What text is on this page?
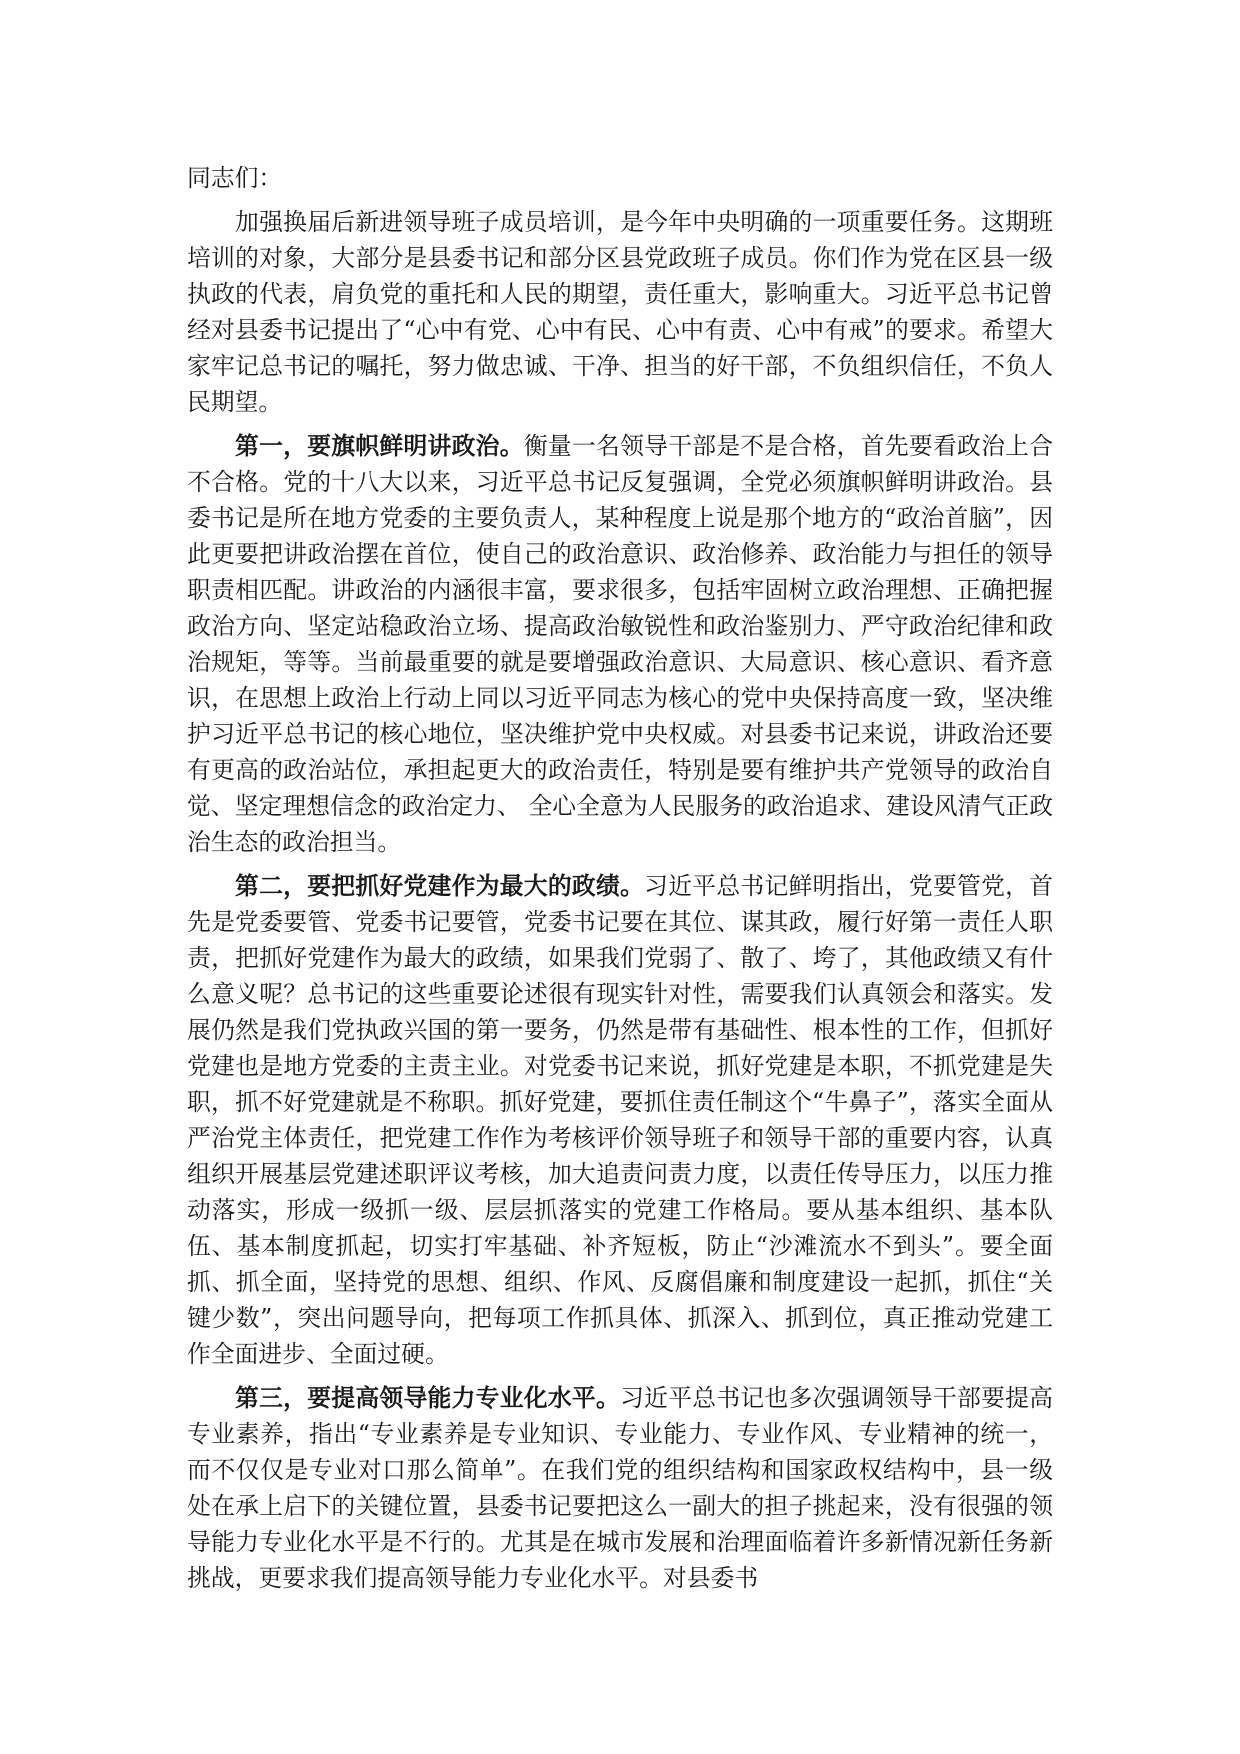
同志们：

加强换届后新进领导班子成员培训，是今年中央明确的一项重要任务。这期班培训的对象，大部分是县委书记和部分区县党政班子成员。你们作为党在区县一级执政的代表，肩负党的重托和人民的期望，责任重大，影响重大。习近平总书记曾经对县委书记提出了“心中有党、心中有民、心中有责、心中有戒”的要求。希望大家牢记总书记的嘱托，努力做忠诚、干净、担当的好干部，不负组织信任，不负人民期望。

第一，要旗帜鲜明讲政治。衡量一名领导干部是不是合格，首先要看政治上合不合格。党的十八大以来，习近平总书记反复强调，全党必须旗帜鲜明讲政治。县委书记是所在地方党委的主要负责人，某种程度上说是那个地方的“政治首脑”，因此更要把讲政治摆在首位，使自己的政治意识、政治修养、政治能力与担任的领导职责相匹配。讲政治的内涵很丰富，要求很多，包括牢固树立政治理想、正确把握政治方向、坚定站稳政治立场、提高政治敏锐性和政治鉴别力、严守政治纪律和政治规矩，等等。当前最重要的就是要增强政治意识、大局意识、核心意识、看齐意识，在思想上政治上行动上同以习近平同志为核心的党中央保持高度一致，坚决维护习近平总书记的核心地位，坚决维护党中央权威。对县委书记来说，讲政治还要有更高的政治站位，承担起更大的政治责任，特别是要有维护共产党领导的政治自觉、坚定理想信念的政治定力、 全心全意为人民服务的政治追求、建设风清气正政治生态的政治担当。

第二，要把抓好党建作为最大的政绩。习近平总书记鲜明指出，党要管党，首先是党委要管、党委书记要管，党委书记要在其位、谋其政，履行好第一责任人职责，把抓好党建作为最大的政绩，如果我们党弱了、散了、垮了，其他政绩又有什么意义呢？总书记的这些重要论述很有现实针对性，需要我们认真领会和落实。发展仍然是我们党执政兴国的第一要务，仍然是带有基础性、根本性的工作，但抓好党建也是地方党委的主责主业。对党委书记来说，抓好党建是本职，不抓党建是失职，抓不好党建就是不称职。抓好党建，要抓住责任制这个“牛鼻子”，落实全面从严治党主体责任，把党建工作作为考核评价领导班子和领导干部的重要内容，认真组织开展基层党建述职评议考核，加大追责问责力度，以责任传导压力，以压力推动落实，形成一级抓一级、层层抓落实的党建工作格局。要从基本组织、基本队伍、基本制度抓起，切实打牢基础、补齐短板，防止“沙滩流水不到头”。要全面抓、抓全面，坚持党的思想、组织、作风、反腐倡廉和制度建设一起抓，抓住“关键少数”，突出问题导向，把每项工作抓具体、抓深入、抓到位，真正推动党建工作全面进步、全面过硬。

第三，要提高领导能力专业化水平。习近平总书记也多次强调领导干部要提高专业素养，指出“专业素养是专业知识、专业能力、专业作风、专业精神的统一，而不仅仅是专业对口那么简单”。在我们党的组织结构和国家政权结构中，县一级处在承上启下的关键位置，县委书记要把这么一副大的担子挑起来，没有很强的领导能力专业化水平是不行的。尤其是在城市发展和治理面临着许多新情况新任务新挑战，更要求我们提高领导能力专业化水平。对县委书
